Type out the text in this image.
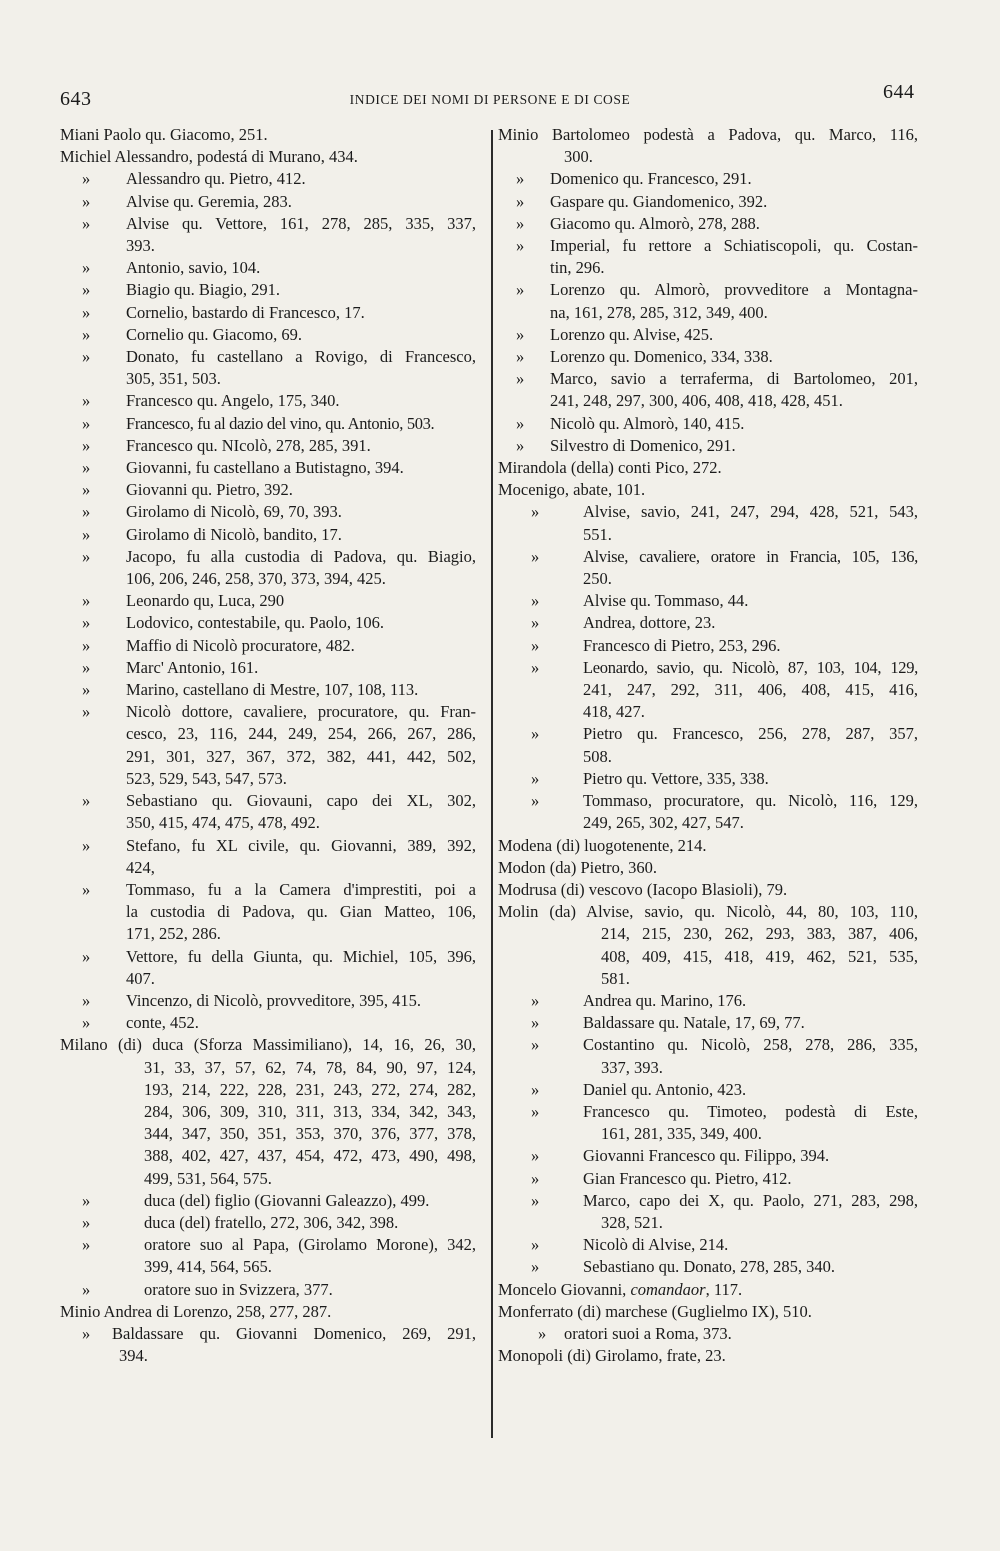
643	INDICE DEI NOMI DI PERSONE E DI COSE	644
Miani Paolo qu. Giacomo, 251.
Michiel Alessandro, podestá di Murano, 434.
»	Alessandro qu. Pietro, 412.
»	Alvise qu. Geremia, 283.
»	Alvise qu. Vettore, 161, 278, 285, 335, 337,
393.
»	Antonio, savio, 104.
»	Biagio qu. Biagio, 291.
»	Cornelio, bastardo di Francesco, 17.
»	Cornelio qu. Giacomo, 69.
»	Donato, fu castellano a Rovigo, di Francesco,
305, 351, 503.
»	Francesco qu. Angelo, 175, 340.
»	Francesco, fu al dazio del vino, qu. Antonio, 503.
»	Francesco qu. NIcolò, 278, 285, 391.
»	Giovanni, fu castellano a Butistagno, 394.
»	Giovanni qu. Pietro, 392.
»	Girolamo di Nicolò, 69, 70, 393.
»	Girolamo di Nicolò, bandito, 17.
»	Jacopo, fu alla custodia di Padova, qu. Biagio,
106, 206, 246, 258, 370, 373, 394, 425.
»	Leonardo qu, Luca, 290
»	Lodovico, contestabile, qu. Paolo, 106.
»	Maffio di Nicolò procuratore, 482.
»	Marc' Antonio, 161.
»	Marino, castellano di Mestre, 107, 108, 113.
»	Nicolò dottore, cavaliere, procuratore, qu. Fran-
cesco, 23, 116, 244, 249, 254, 266, 267, 286,
291, 301, 327, 367, 372, 382, 441, 442, 502,
523, 529, 543, 547, 573.
»	Sebastiano qu. Giovauni, capo dei XL, 302,
350, 415, 474, 475, 478, 492.
»	Stefano, fu XL civile, qu. Giovanni, 389, 392,
424,
»	Tommaso, fu a la Camera d'imprestiti, poi a
la custodia di Padova, qu. Gian Matteo, 106,
171, 252, 286.
»	Vettore, fu della Giunta, qu. Michiel, 105, 396,
407.
»	Vincenzo, di Nicolò, provveditore, 395, 415.
»	conte, 452.
Milano (di) duca (Sforza Massimiliano), 14, 16, 26, 30,
31, 33, 37, 57, 62, 74, 78, 84, 90, 97, 124,
193, 214, 222, 228, 231, 243, 272, 274, 282,
284, 306, 309, 310, 311, 313, 334, 342, 343,
344, 347, 350, 351, 353, 370, 376, 377, 378,
388, 402, 427, 437, 454, 472, 473, 490, 498,
499, 531, 564, 575.
»	duca (del) figlio (Giovanni Galeazzo), 499.
»	duca (del) fratello, 272, 306, 342, 398.
»	oratore suo al Papa, (Girolamo Morone), 342,
399, 414, 564, 565.
»	oratore suo in Svizzera, 377.
Minio Andrea di Lorenzo, 258, 277, 287.
»	Baldassare qu. Giovanni Domenico, 269, 291,
394.
Minio Bartolomeo podestà a Padova, qu. Marco, 116,
300.
»	Domenico qu. Francesco, 291.
»	Gaspare qu. Giandomenico, 392.
»	Giacomo qu. Almorò, 278, 288.
»	Imperial, fu rettore a Schiatiscopoli, qu. Costan-
tin, 296.
»	Lorenzo qu. Almorò, provveditore a Montagna-
na, 161, 278, 285, 312, 349, 400.
»	Lorenzo qu. Alvise, 425.
»	Lorenzo qu. Domenico, 334, 338.
»	Marco, savio a terraferma, di Bartolomeo, 201,
241, 248, 297, 300, 406, 408, 418, 428, 451.
»	Nicolò qu. Almorò, 140, 415.
»	Silvestro di Domenico, 291.
Mirandola (della) conti Pico, 272.
Mocenigo, abate, 101.
»	Alvise, savio, 241, 247, 294, 428, 521, 543,
551.
»	Alvise, cavaliere, oratore in Francia, 105, 136,
250.
»	Alvise qu. Tommaso, 44.
»	Andrea, dottore, 23.
»	Francesco di Pietro, 253, 296.
»	Leonardo, savio, qu. Nicolò, 87, 103, 104, 129,
241, 247, 292, 311, 406, 408, 415, 416,
418, 427.
»	Pietro qu. Francesco, 256, 278, 287, 357,
508.
»	Pietro qu. Vettore, 335, 338.
»	Tommaso, procuratore, qu. Nicolò, 116, 129,
249, 265, 302, 427, 547.
Modena (di) luogotenente, 214.
Modon (da) Pietro, 360.
Modrusa (di) vescovo (Iacopo Blasioli), 79.
Molin (da) Alvise, savio, qu. Nicolò, 44, 80, 103, 110,
214, 215, 230, 262, 293, 383, 387, 406,
408, 409, 415, 418, 419, 462, 521, 535,
581.
»	Andrea qu. Marino, 176.
»	Baldassare qu. Natale, 17, 69, 77.
»	Costantino qu. Nicolò, 258, 278, 286, 335,
337, 393.
»	Daniel qu. Antonio, 423.
»	Francesco qu. Timoteo, podestà di Este,
161, 281, 335, 349, 400.
»	Giovanni Francesco qu. Filippo, 394.
»	Gian Francesco qu. Pietro, 412.
»	Marco, capo dei X, qu. Paolo, 271, 283, 298,
328, 521.
»	Nicolò di Alvise, 214.
»	Sebastiano qu. Donato, 278, 285, 340.
Moncelo Giovanni, comandaor, 117.
Monferrato (di) marchese (Guglielmo IX), 510.
»	oratori suoi a Roma, 373.
Monopoli (di) Girolamo, frate, 23.
